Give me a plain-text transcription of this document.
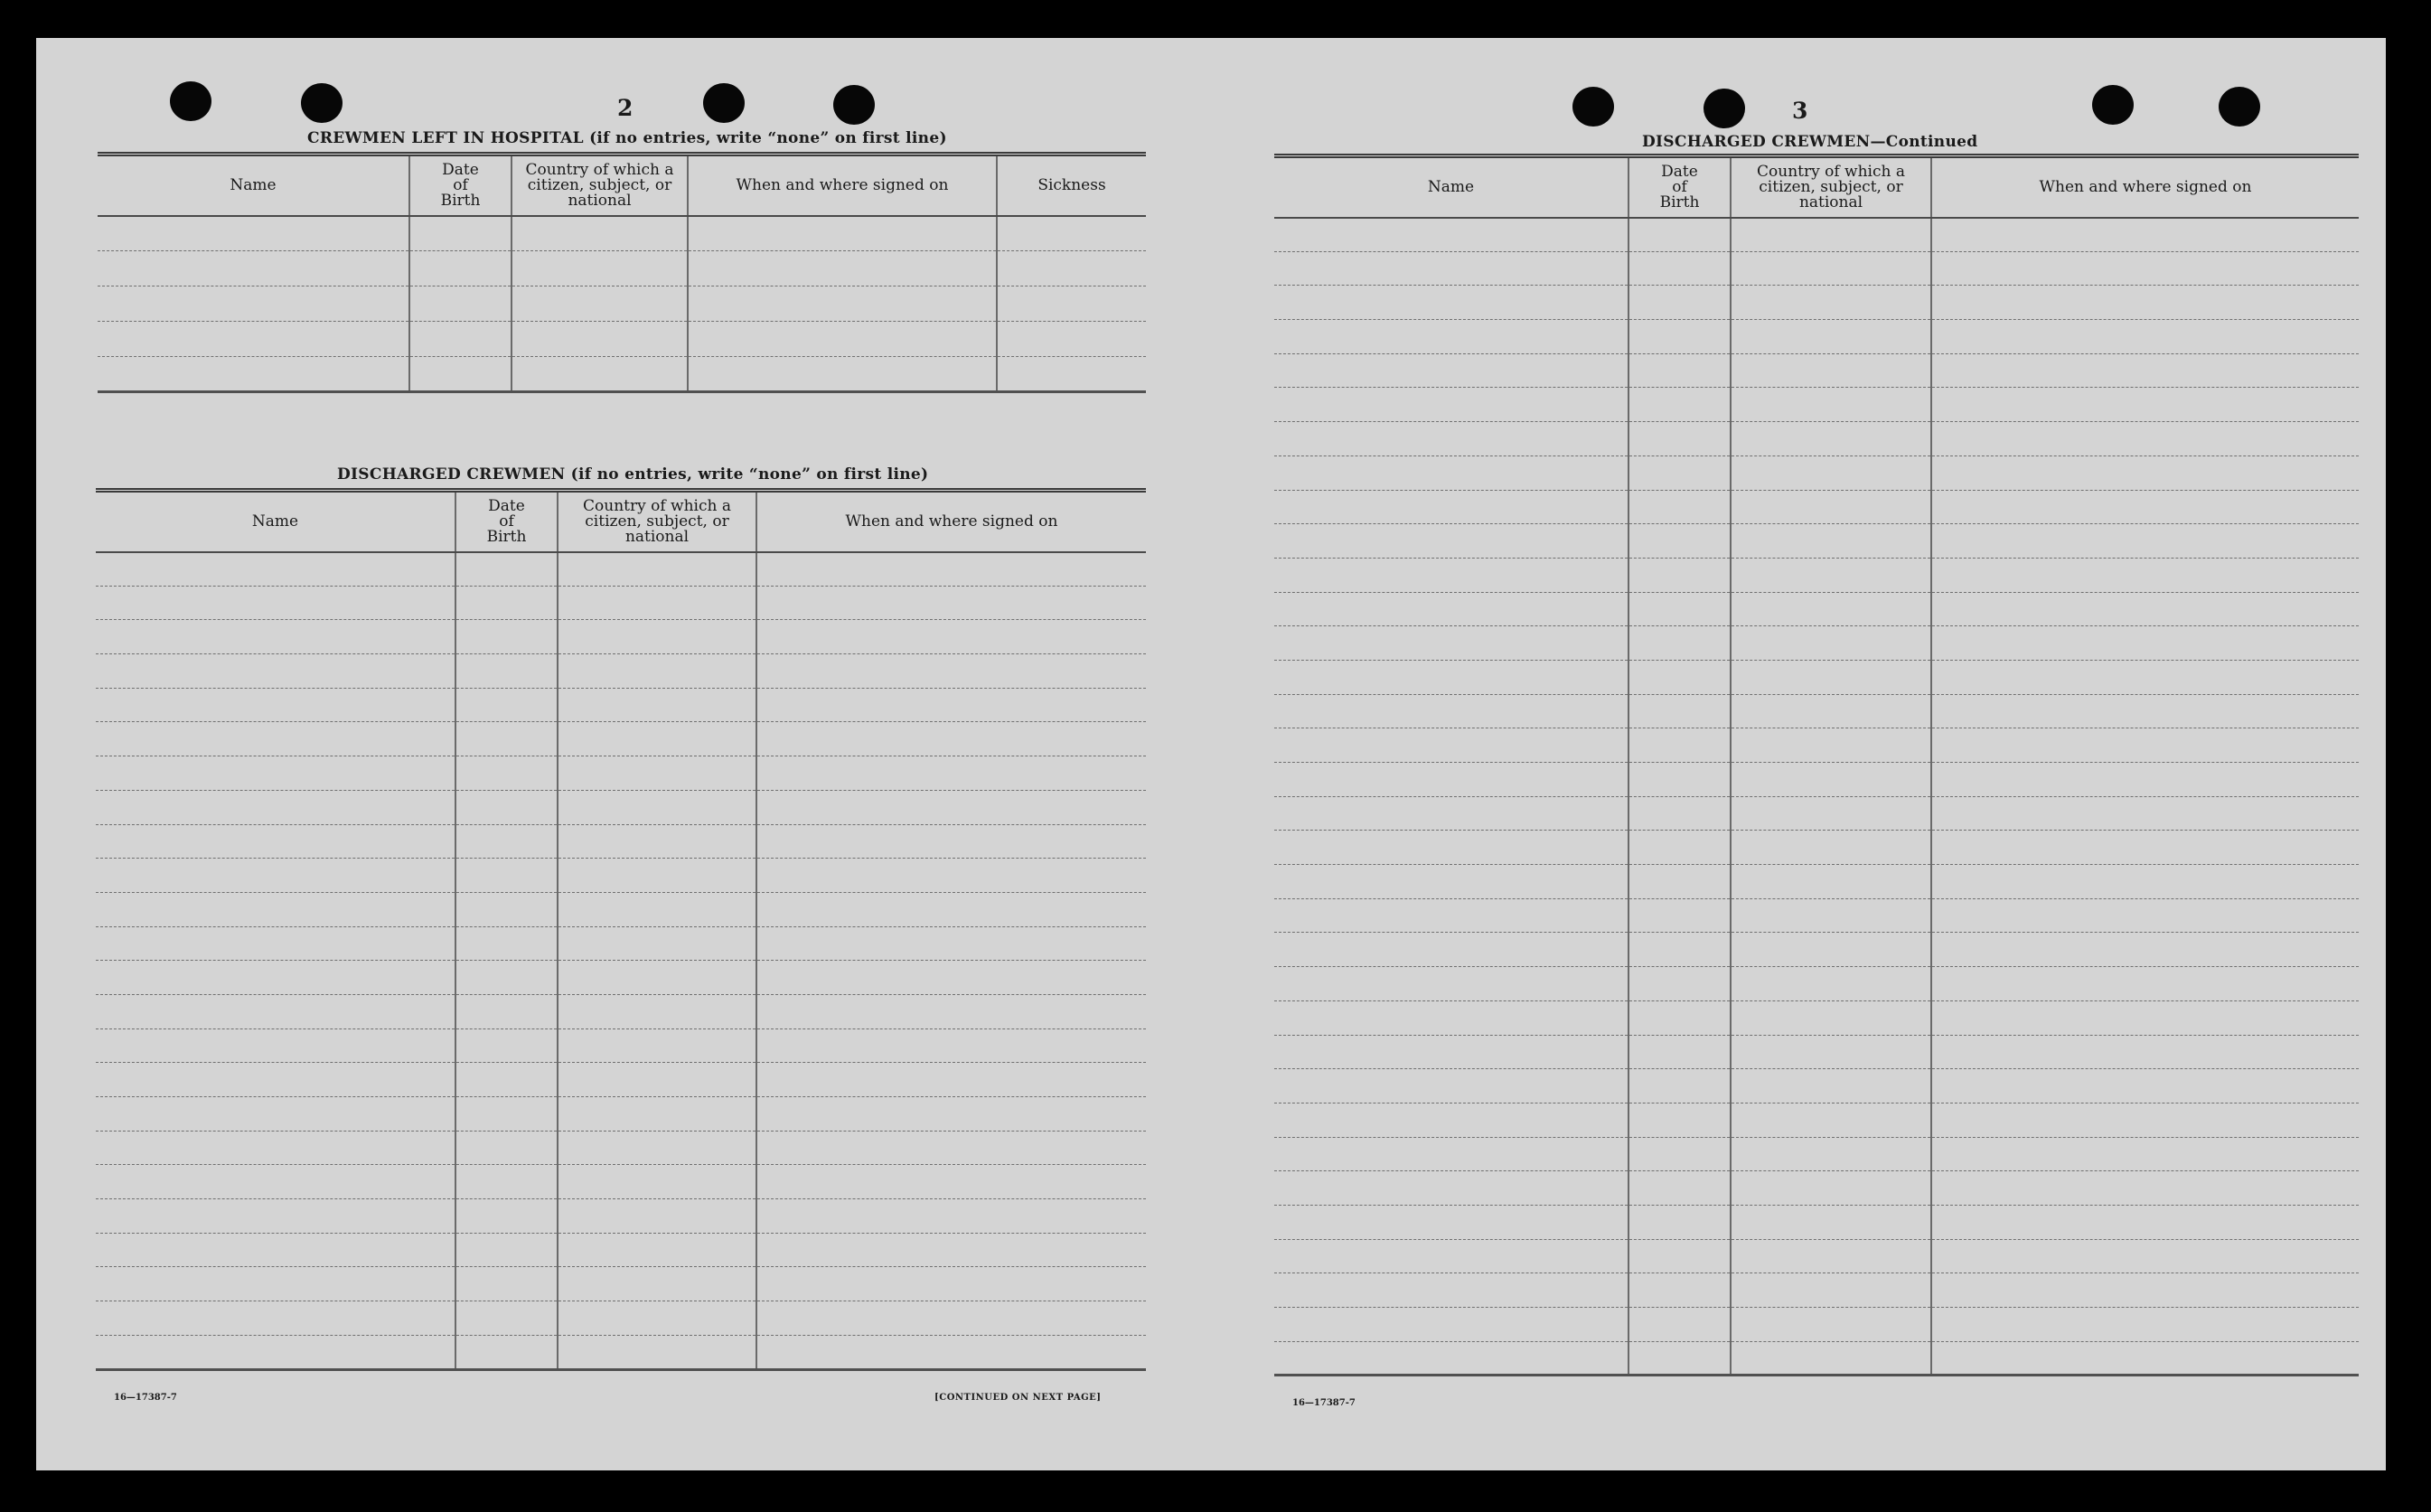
2
CREWMEN LEFT IN HOSPITAL (if no entries, write “none” on first line)
Name	Date
of
Birth	Country of which a
citizen, subject, or
national	When and where signed on	Sickness

DISCHARGED CREWMEN (if no entries, write “none” on first line)
Name	Date
of
Birth	Country of which a
citizen, subject, or
national	When and where signed on

16—17387-7	[CONTINUED ON NEXT PAGE]
3
DISCHARGED CREWMEN—Continued
Name	Date
of
Birth	Country of which a
citizen, subject, or
national	When and where signed on

16—17387-7
